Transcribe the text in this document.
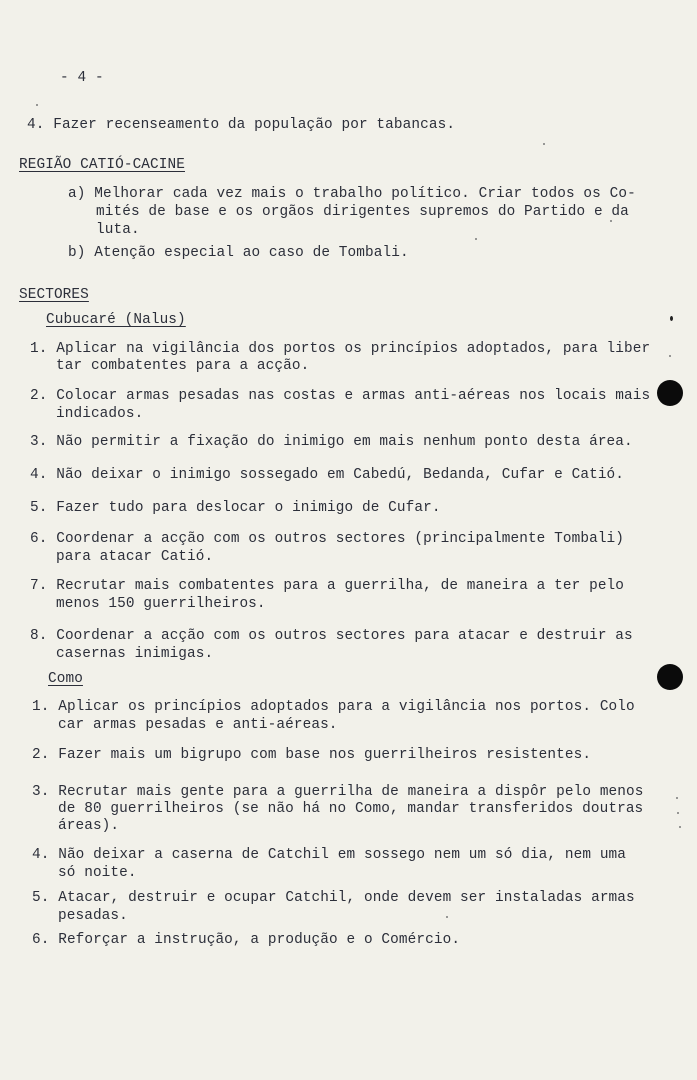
- 4 -
4. Fazer recenseamento da população por tabancas.
REGIÃO CATIÓ-CACINE
a) Melhorar cada vez mais o trabalho político. Criar todos os Co-
mités de base e os orgãos dirigentes supremos do Partido e da
luta.
b) Atenção especial ao caso de Tombali.
SECTORES
Cubucaré (Nalus)
1. Aplicar na vigilância dos portos os princípios adoptados, para liber
tar combatentes para a acção.
2. Colocar armas pesadas nas costas e armas anti-aéreas nos locais mais
indicados.
3. Não permitir a fixação do inimigo em mais nenhum ponto desta área.
4. Não deixar o inimigo sossegado em Cabedú, Bedanda, Cufar e Catió.
5. Fazer tudo para deslocar o inimigo de Cufar.
6. Coordenar a acção com os outros sectores (principalmente Tombali)
para atacar Catió.
7. Recrutar mais combatentes para a guerrilha, de maneira a ter pelo
menos 150 guerrilheiros.
8. Coordenar a acção com os outros sectores para atacar e destruir as
casernas inimigas.
Como
1. Aplicar os princípios adoptados para a vigilância nos portos. Colo
car armas pesadas e anti-aéreas.
2. Fazer mais um bigrupo com base nos guerrilheiros resistentes.
3. Recrutar mais gente para a guerrilha de maneira a dispôr pelo menos
de 80 guerrilheiros (se não há no Como, mandar transferidos doutras
áreas).
4. Não deixar a caserna de Catchil em sossego nem um só dia, nem uma
só noite.
5. Atacar, destruir e ocupar Catchil, onde devem ser instaladas armas
pesadas.
6. Reforçar a instrução, a produção e o Comércio.
